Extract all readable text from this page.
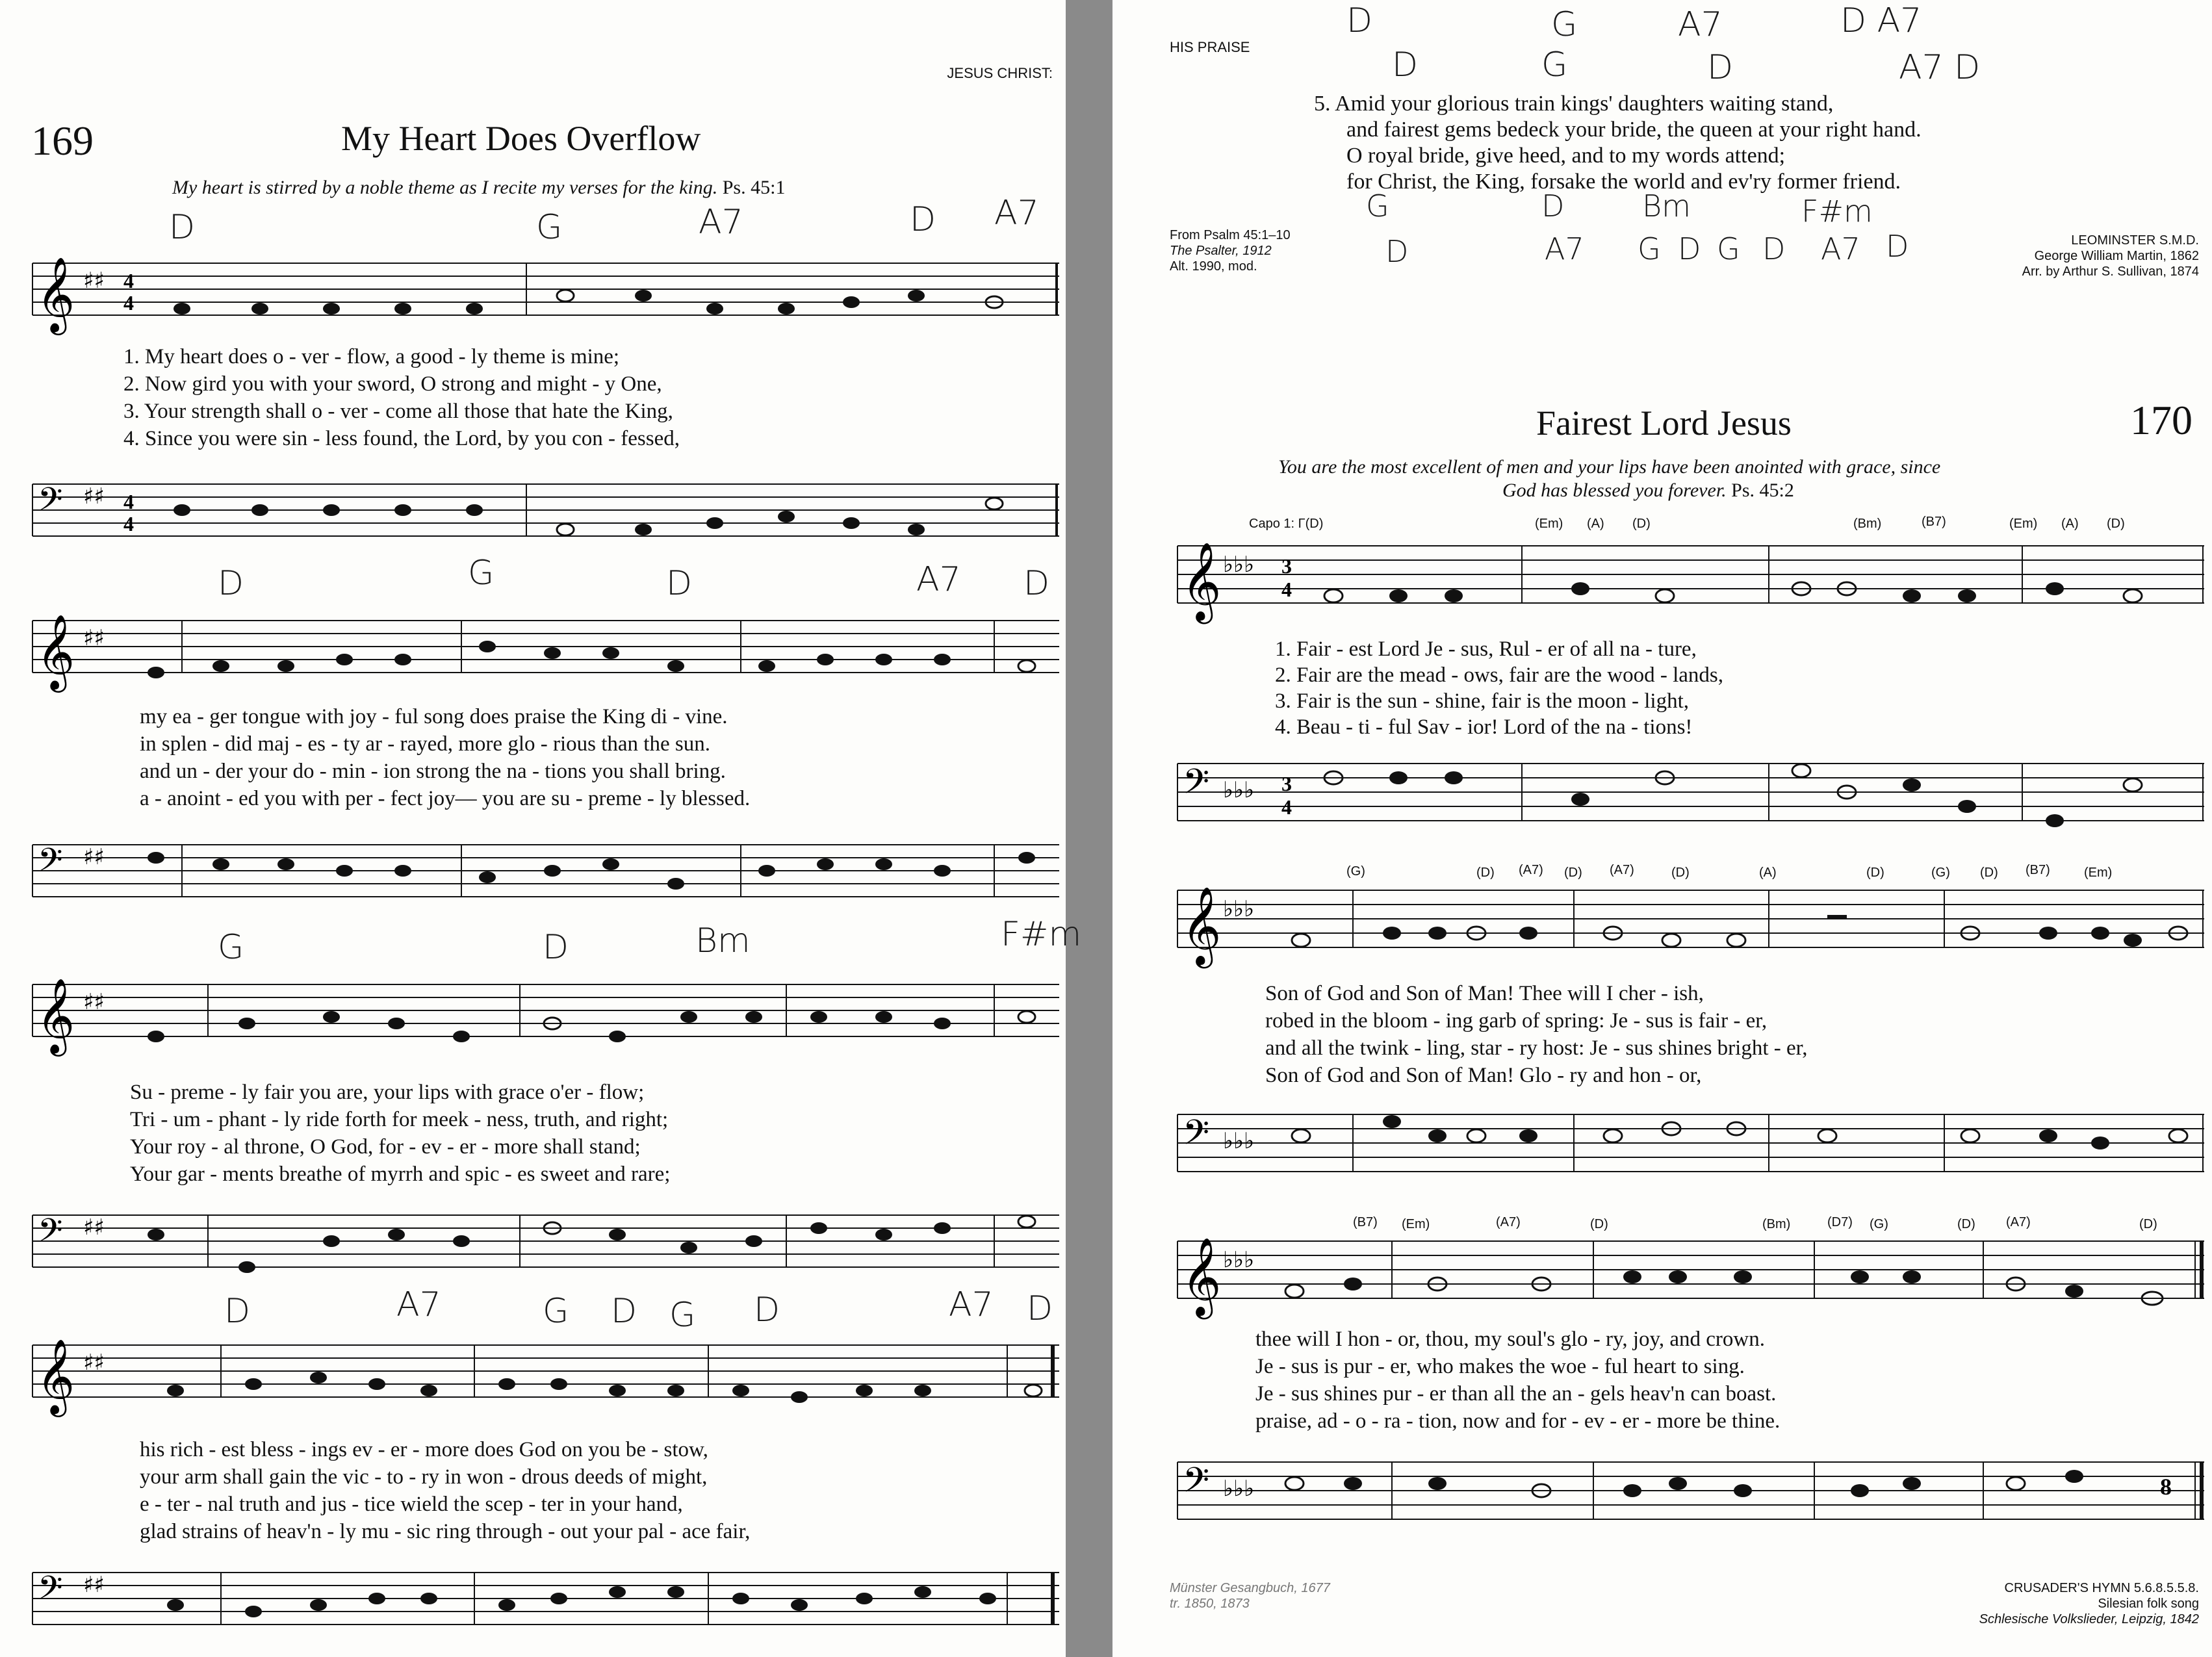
JESUS CHRIST:
169	My Heart Does Overflow
My heart is stirred by a noble theme as I recite my verses for the king. Ps. 45:1
D	G	A7	D A7
𝄞 ♯♯ 4
4
1. My heart does o - ver - flow, a good - ly theme is mine;
2. Now gird you with your sword, O strong and might - y One,
3. Your strength shall o - ver - come all those that hate the King,
4. Since you were sin - less found, the Lord, by you con - fessed,
𝄢 ♯♯ 4
4
D	G	D	A7 D
𝄞 ♯♯
my ea - ger tongue with joy - ful song does praise the King di - vine.
in splen - did maj - es - ty ar - rayed, more glo - rious than the sun.
and un - der your do - min - ion strong the na - tions you shall bring.
a - anoint - ed you with per - fect joy— you are su - preme - ly blessed.
𝄢 ♯♯
G	D	Bm	F#m
𝄞 ♯♯
Su - preme - ly fair you are, your lips with grace o'er - flow;
Tri - um - phant - ly ride forth for meek - ness, truth, and right;
Your roy - al throne, O God, for - ev - er - more shall stand;
Your gar - ments breathe of myrrh and spic - es sweet and rare;
𝄢 ♯♯
D	A7	G D G D	A7 D
𝄞 ♯♯
his rich - est bless - ings ev - er - more does God on you be - stow,
your arm shall gain the vic - to - ry in won - drous deeds of might,
e - ter - nal truth and jus - tice wield the scep - ter in your hand,
glad strains of heav'n - ly mu - sic ring through - out your pal - ace fair,
𝄢 ♯♯
HIS PRAISE
D	G	A7	D A7
D	G	D	A7 D
5. Amid your glorious train kings' daughters waiting stand,
and fairest gems bedeck your bride, the queen at your right hand.
O royal bride, give heed, and to my words attend;
for Christ, the King, forsake the world and ev'ry former friend.
G	D	Bm	F#m
D	A7 G D G D A7 D
From Psalm 45:1–10
The Psalter, 1912
Alt. 1990, mod.
LEOMINSTER S.M.D.
George William Martin, 1862
Arr. by Arthur S. Sullivan, 1874
Fairest Lord Jesus	170
You are the most excellent of men and your lips have been anointed with grace, since
God has blessed you forever. Ps. 45:2
Capo 1: Γ(D)	(Em) (A) (D)	(Bm)	(B7)	(Em) (A) (D)
𝄞 ♭♭♭ 3
4
1. Fair - est Lord Je - sus, Rul - er of all na - ture,
2. Fair are the mead - ows, fair are the wood - lands,
3. Fair is the sun - shine, fair is the moon - light,
4. Beau - ti - ful Sav - ior! Lord of the na - tions!
𝄢 ♭♭♭ 3
4
(G)	(D) (A7) (D) (A7)	(D)	(A)	(D)	(G) (D) (B7)	(Em)
𝄞 ♭♭♭
Son of God and Son of Man! Thee will I cher - ish,
robed in the bloom - ing garb of spring: Je - sus is fair - er,
and all the twink - ling, star - ry host: Je - sus shines bright - er,
Son of God and Son of Man! Glo - ry and hon - or,
𝄢 ♭♭♭
(B7) (Em)	(A7)	(D)	(Bm)	(D7) (G)	(D) (A7)	(D)
𝄞 ♭♭♭
thee will I hon - or, thou, my soul's glo - ry, joy, and crown.
Je - sus is pur - er, who makes the woe - ful heart to sing.
Je - sus shines pur - er than all the an - gels heav'n can boast.
praise, ad - o - ra - tion, now and for - ev - er - more be thine.
𝄢 ♭♭♭	8
Münster Gesangbuch, 1677
tr. 1850, 1873
CRUSADER'S HYMN 5.6.8.5.5.8.
Silesian folk song
Schlesische Volkslieder, Leipzig, 1842
